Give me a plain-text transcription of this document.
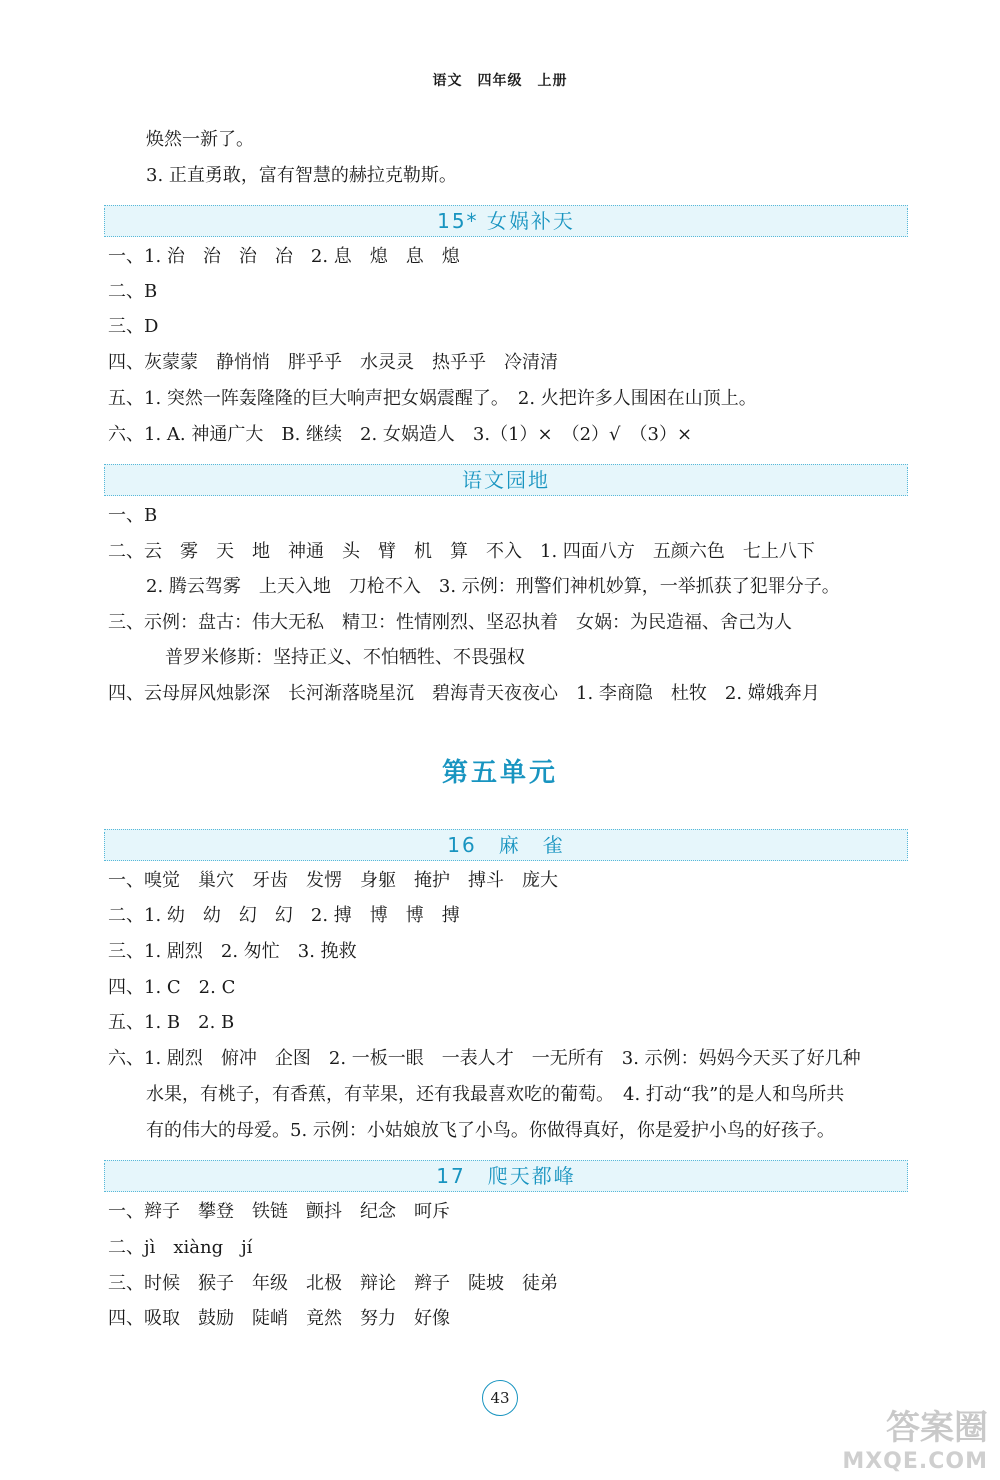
语文　四年级　上册
焕然一新了。
3. 正直勇敢，富有智慧的赫拉克勒斯。
15* 女娲补天
一、1. 治　治　治　冶　2. 息　熄　息　熄
二、B
三、D
四、灰蒙蒙　静悄悄　胖乎乎　水灵灵　热乎乎　冷清清
五、1. 突然一阵轰隆隆的巨大响声把女娲震醒了。　2. 火把许多人围困在山顶上。
六、1. A. 神通广大　B. 继续　2. 女娲造人　3.（1）×　（2）√　（3）×
语文园地
一、B
二、云　雾　天　地　神通　头　臂　机　算　不入　1. 四面八方　五颜六色　七上八下
2. 腾云驾雾　上天入地　刀枪不入　3. 示例：刑警们神机妙算，一举抓获了犯罪分子。
三、示例：盘古：伟大无私　精卫：性情刚烈、坚忍执着　女娲：为民造福、舍己为人
普罗米修斯：坚持正义、不怕牺牲、不畏强权
四、云母屏风烛影深　长河渐落晓星沉　碧海青天夜夜心　1. 李商隐　杜牧　2. 嫦娥奔月
第五单元
16　麻　雀
一、嗅觉　巢穴　牙齿　发愣　身躯　掩护　搏斗　庞大
二、1. 幼　幼　幻　幻　2. 搏　博　博　搏
三、1. 剧烈　2. 匆忙　3. 挽救
四、1. C　2. C
五、1. B　2. B
六、1. 剧烈　俯冲　企图　2. 一板一眼　一表人才　一无所有　3. 示例：妈妈今天买了好几种
水果，有桃子，有香蕉，有苹果，还有我最喜欢吃的葡萄。　4. 打动“我”的是人和鸟所共
有的伟大的母爱。5. 示例：小姑娘放飞了小鸟。你做得真好，你是爱护小鸟的好孩子。
17　爬天都峰
一、辫子　攀登　铁链　颤抖　纪念　呵斥
二、jì　xiàng　jí
三、时候　猴子　年级　北极　辩论　辫子　陡坡　徒弟
四、吸取　鼓励　陡峭　竟然　努力　好像
43
答案圈
MXQE.COM
